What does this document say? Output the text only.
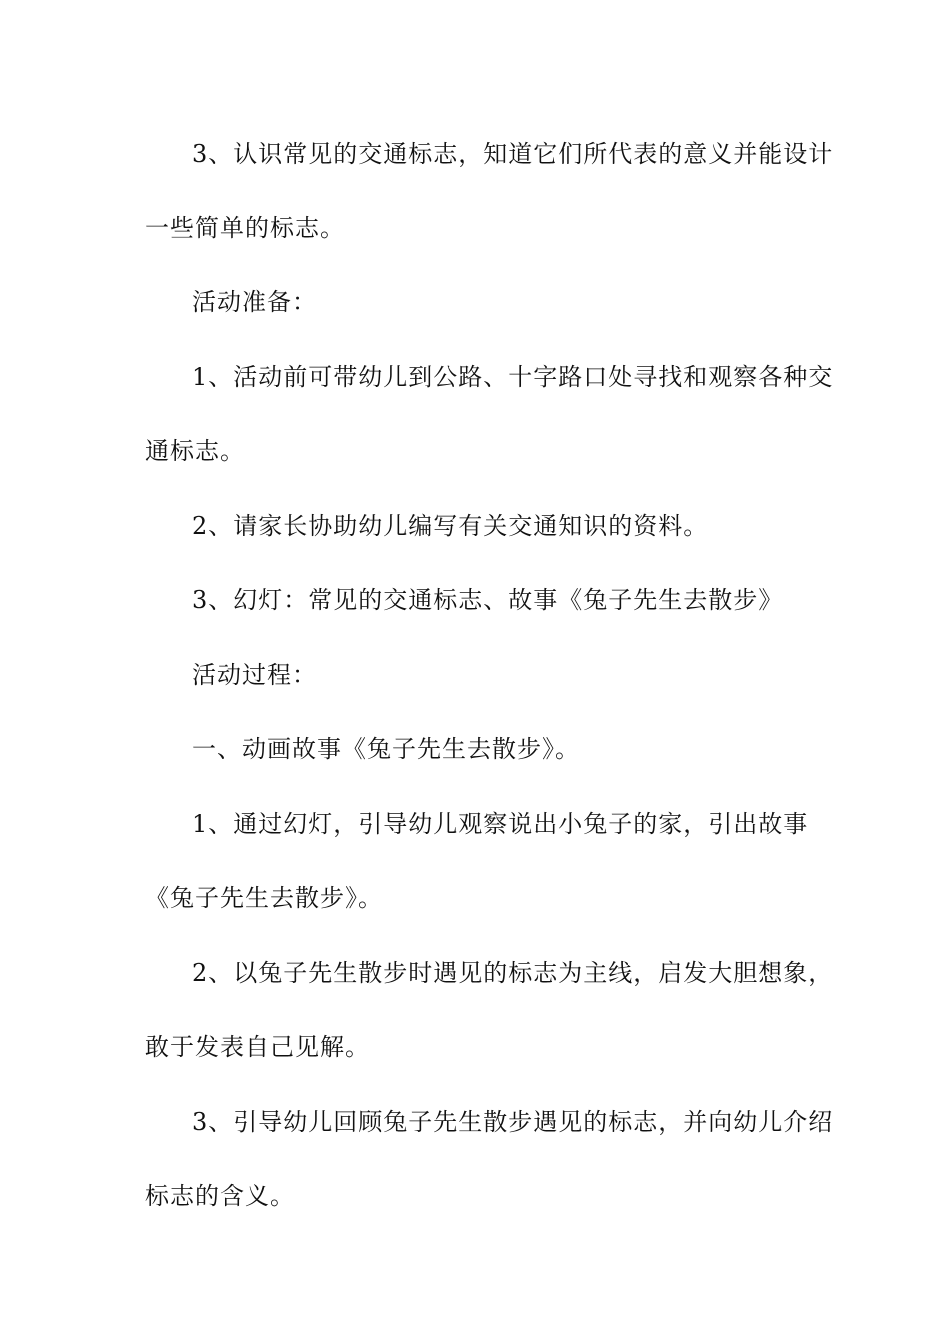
3、认识常见的交通标志，知道它们所代表的意义并能设计
一些简单的标志。
活动准备：
1、活动前可带幼儿到公路、十字路口处寻找和观察各种交
通标志。
2、请家长协助幼儿编写有关交通知识的资料。
3、幻灯：常见的交通标志、故事《兔子先生去散步》
活动过程：
一、动画故事《兔子先生去散步》。
1、通过幻灯，引导幼儿观察说出小兔子的家，引出故事
《兔子先生去散步》。
2、以兔子先生散步时遇见的标志为主线，启发大胆想象，
敢于发表自己见解。
3、引导幼儿回顾兔子先生散步遇见的标志，并向幼儿介绍
标志的含义。
